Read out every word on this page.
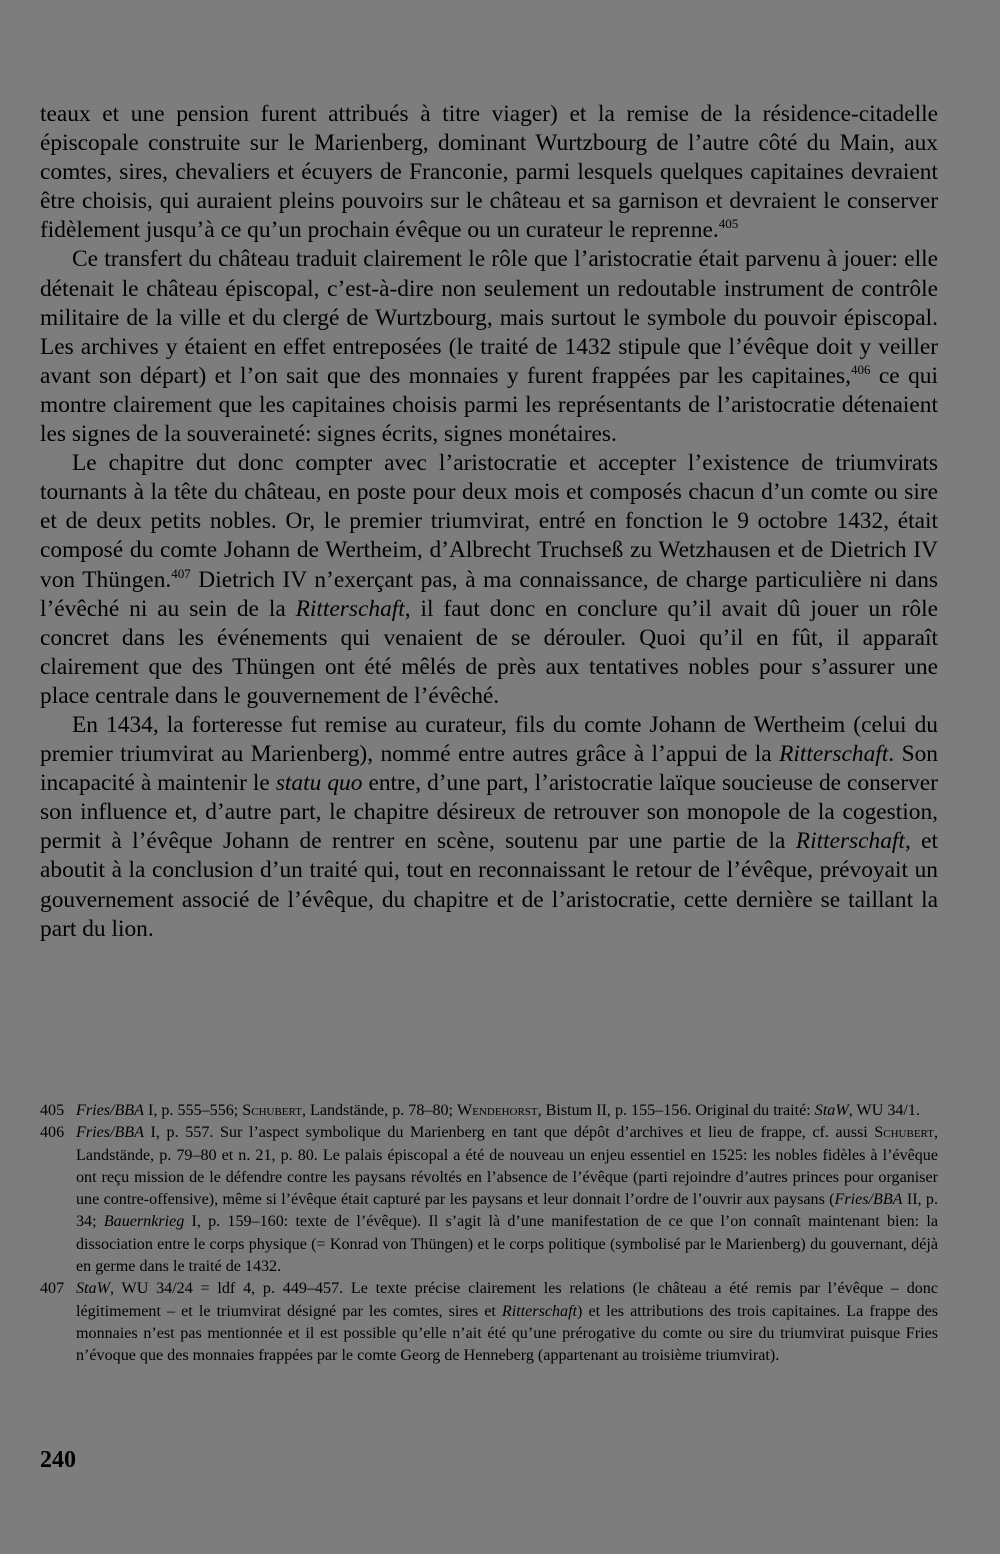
teaux et une pension furent attribués à titre viager) et la remise de la résidence-citadelle épiscopale construite sur le Marienberg, dominant Wurtzbourg de l’autre côté du Main, aux comtes, sires, chevaliers et écuyers de Franconie, parmi lesquels quelques capitaines devraient être choisis, qui auraient pleins pouvoirs sur le château et sa garnison et devraient le conserver fidèlement jusqu’à ce qu’un prochain évêque ou un curateur le reprenne.$^{405}$

Ce transfert du château traduit clairement le rôle que l’aristocratie était parvenu à jouer: elle détenait le château épiscopal, c’est-à-dire non seulement un redoutable instrument de contrôle militaire de la ville et du clergé de Wurtzbourg, mais surtout le symbole du pouvoir épiscopal. Les archives y étaient en effet entreposées (le traité de 1432 stipule que l’évêque doit y veiller avant son départ) et l’on sait que des monnaies y furent frappées par les capitaines,$^{406}$ ce qui montre clairement que les capitaines choisis parmi les représentants de l’aristocratie détenaient les signes de la souveraineté: signes écrits, signes monétaires.

Le chapitre dut donc compter avec l’aristocratie et accepter l’existence de triumvirats tournants à la tête du château, en poste pour deux mois et composés chacun d’un comte ou sire et de deux petits nobles. Or, le premier triumvirat, entré en fonction le 9 octobre 1432, était composé du comte Johann de Wertheim, d’Albrecht Truchseß zu Wetzhausen et de Dietrich IV von Thüngen.$^{407}$ Dietrich IV n’exerçant pas, à ma connaissance, de charge particulière ni dans l’évêché ni au sein de la Ritterschaft, il faut donc en conclure qu’il avait dû jouer un rôle concret dans les événements qui venaient de se dérouler. Quoi qu’il en fût, il apparaît clairement que des Thüngen ont été mêlés de près aux tentatives nobles pour s’assurer une place centrale dans le gouvernement de l’évêché.

En 1434, la forteresse fut remise au curateur, fils du comte Johann de Wertheim (celui du premier triumvirat au Marienberg), nommé entre autres grâce à l’appui de la Ritterschaft. Son incapacité à maintenir le statu quo entre, d’une part, l’aristocratie laïque soucieuse de conserver son influence et, d’autre part, le chapitre désireux de retrouver son monopole de la cogestion, permit à l’évêque Johann de rentrer en scène, soutenu par une partie de la Ritterschaft, et aboutit à la conclusion d’un traité qui, tout en reconnaissant le retour de l’évêque, prévoyait un gouvernement associé de l’évêque, du chapitre et de l’aristocratie, cette dernière se taillant la part du lion.

405 Fries/BBA I, p. 555–556; Schubert, Landstände, p. 78–80; Wendehorst, Bistum II, p. 155–156. Original du traité: StaW, WU 34/1.
406 Fries/BBA I, p. 557. Sur l’aspect symbolique du Marienberg en tant que dépôt d’archives et lieu de frappe, cf. aussi Schubert, Landstände, p. 79–80 et n. 21, p. 80. Le palais épiscopal a été de nouveau un enjeu essentiel en 1525: les nobles fidèles à l’évêque ont reçu mission de le défendre contre les paysans révoltés en l’absence de l’évêque (parti rejoindre d’autres princes pour organiser une contre-offensive), même si l’évêque était capturé par les paysans et leur donnait l’ordre de l’ouvrir aux paysans (Fries/BBA II, p. 34; Bauernkrieg I, p. 159–160: texte de l’évêque). Il s’agit là d’une manifestation de ce que l’on connaît maintenant bien: la dissociation entre le corps physique (= Konrad von Thüngen) et le corps politique (symbolisé par le Marienberg) du gouvernant, déjà en germe dans le traité de 1432.
407 StaW, WU 34/24 = ldf 4, p. 449–457. Le texte précise clairement les relations (le château a été remis par l’évêque – donc légitimement – et le triumvirat désigné par les comtes, sires et Ritterschaft) et les attributions des trois capitaines. La frappe des monnaies n’est pas mentionnée et il est possible qu’elle n’ait été qu’une prérogative du comte ou sire du triumvirat puisque Fries n’évoque que des monnaies frappées par le comte Georg de Henneberg (appartenant au troisième triumvirat).
240
